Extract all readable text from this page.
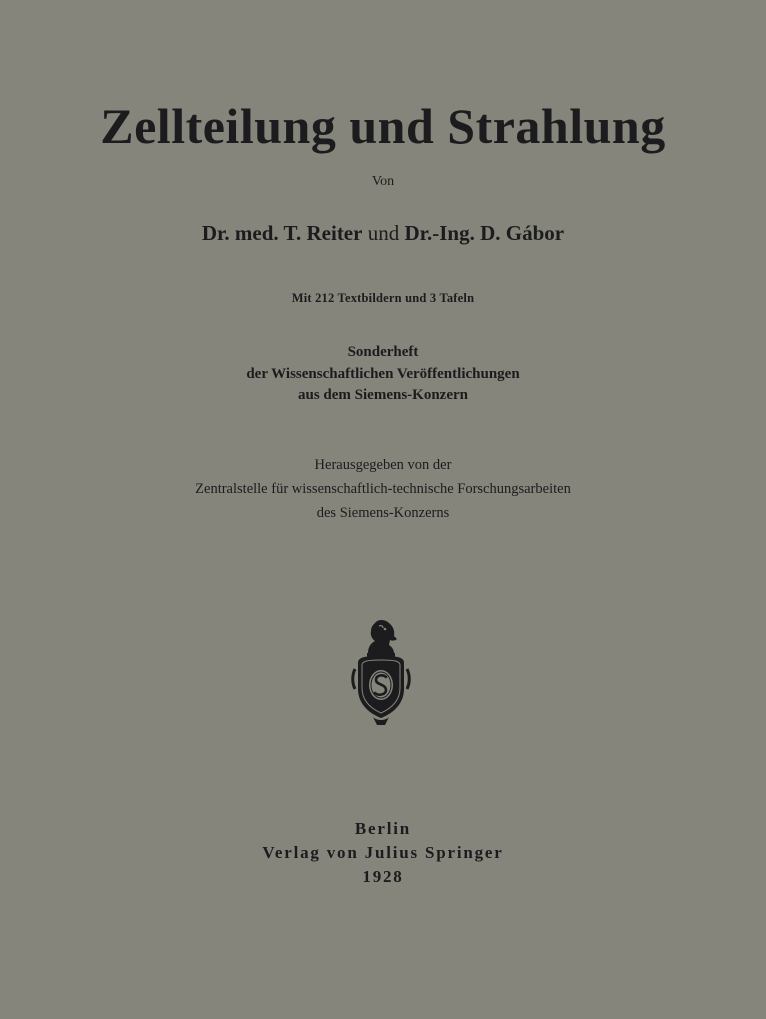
Zellteilung und Strahlung
Von
Dr. med. T. Reiter und Dr.-Ing. D. Gábor
Mit 212 Textbildern und 3 Tafeln
Sonderheft
der Wissenschaftlichen Veröffentlichungen
aus dem Siemens-Konzern
Herausgegeben von der
Zentralstelle für wissenschaftlich-technische Forschungsarbeiten
des Siemens-Konzerns
Berlin
Verlag von Julius Springer
1928
